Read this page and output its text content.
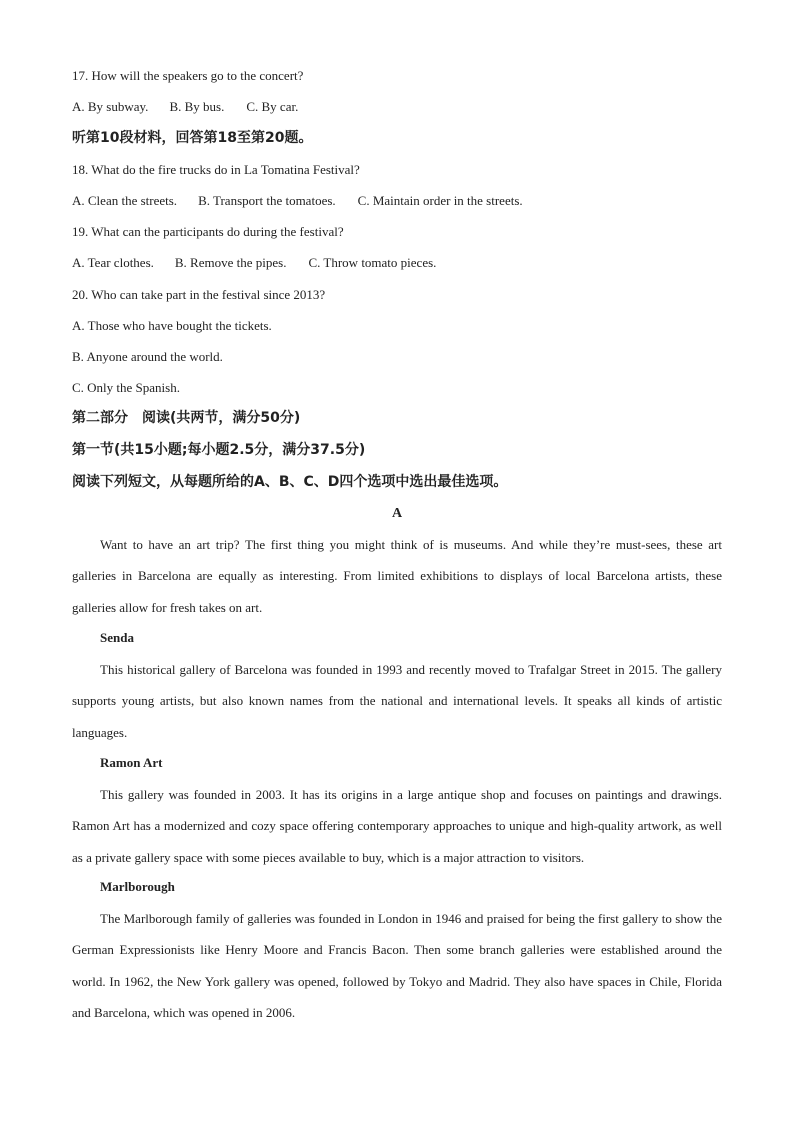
17. How will the speakers go to the concert?
A. By subway. B. By bus. C. By car.
听第10段材料，回答第18至第20题。
18. What do the fire trucks do in La Tomatina Festival?
A. Clean the streets. B. Transport the tomatoes. C. Maintain order in the streets.
19. What can the participants do during the festival?
A. Tear clothes. B. Remove the pipes. C. Throw tomato pieces.
20. Who can take part in the festival since 2013?
A. Those who have bought the tickets.
B. Anyone around the world.
C. Only the Spanish.
第二部分　阅读(共两节，满分50分)
第一节(共15小题;每小题2.5分，满分37.5分)
阅读下列短文，从每题所给的A、B、C、D四个选项中选出最佳选项。
A
Want to have an art trip? The first thing you might think of is museums. And while they’re must-sees, these art galleries in Barcelona are equally as interesting. From limited exhibitions to displays of local Barcelona artists, these galleries allow for fresh takes on art.
Senda
This historical gallery of Barcelona was founded in 1993 and recently moved to Trafalgar Street in 2015. The gallery supports young artists, but also known names from the national and international levels. It speaks all kinds of artistic languages.
Ramon Art
This gallery was founded in 2003. It has its origins in a large antique shop and focuses on paintings and drawings. Ramon Art has a modernized and cozy space offering contemporary approaches to unique and high-quality artwork, as well as a private gallery space with some pieces available to buy, which is a major attraction to visitors.
Marlborough
The Marlborough family of galleries was founded in London in 1946 and praised for being the first gallery to show the German Expressionists like Henry Moore and Francis Bacon. Then some branch galleries were established around the world. In 1962, the New York gallery was opened, followed by Tokyo and Madrid. They also have spaces in Chile, Florida and Barcelona, which was opened in 2006.
